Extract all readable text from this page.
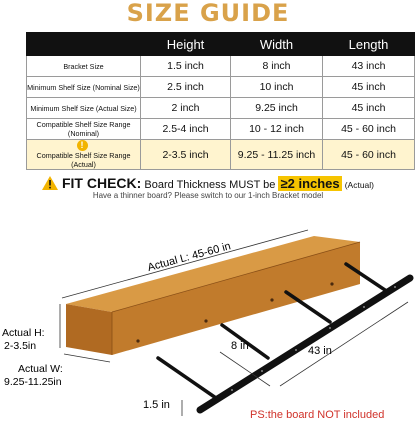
SIZE GUIDE
	Height	Width	Length
Bracket Size	1.5 inch	8 inch	43 inch
Minimum Shelf Size (Nominal Size)	2.5 inch	10 inch	45 inch
Minimum Shelf Size (Actual Size)	2 inch	9.25 inch	45 inch
Compatible Shelf Size Range (Nominal)	2.5-4 inch	10 - 12 inch	45 - 60 inch
!Compatible Shelf Size Range (Actual)	2-3.5 inch	9.25 - 11.25 inch	45 - 60 inch
FIT CHECK: Board Thickness MUST be ≥2 inches (Actual)
Have a thinner board? Please switch to our 1-inch Bracket model
Actual L: 45-60 in
Actual H:
2-3.5in
Actual W:
9.25-11.25in
8 in	43 in
1.5 in
PS:the board NOT included
